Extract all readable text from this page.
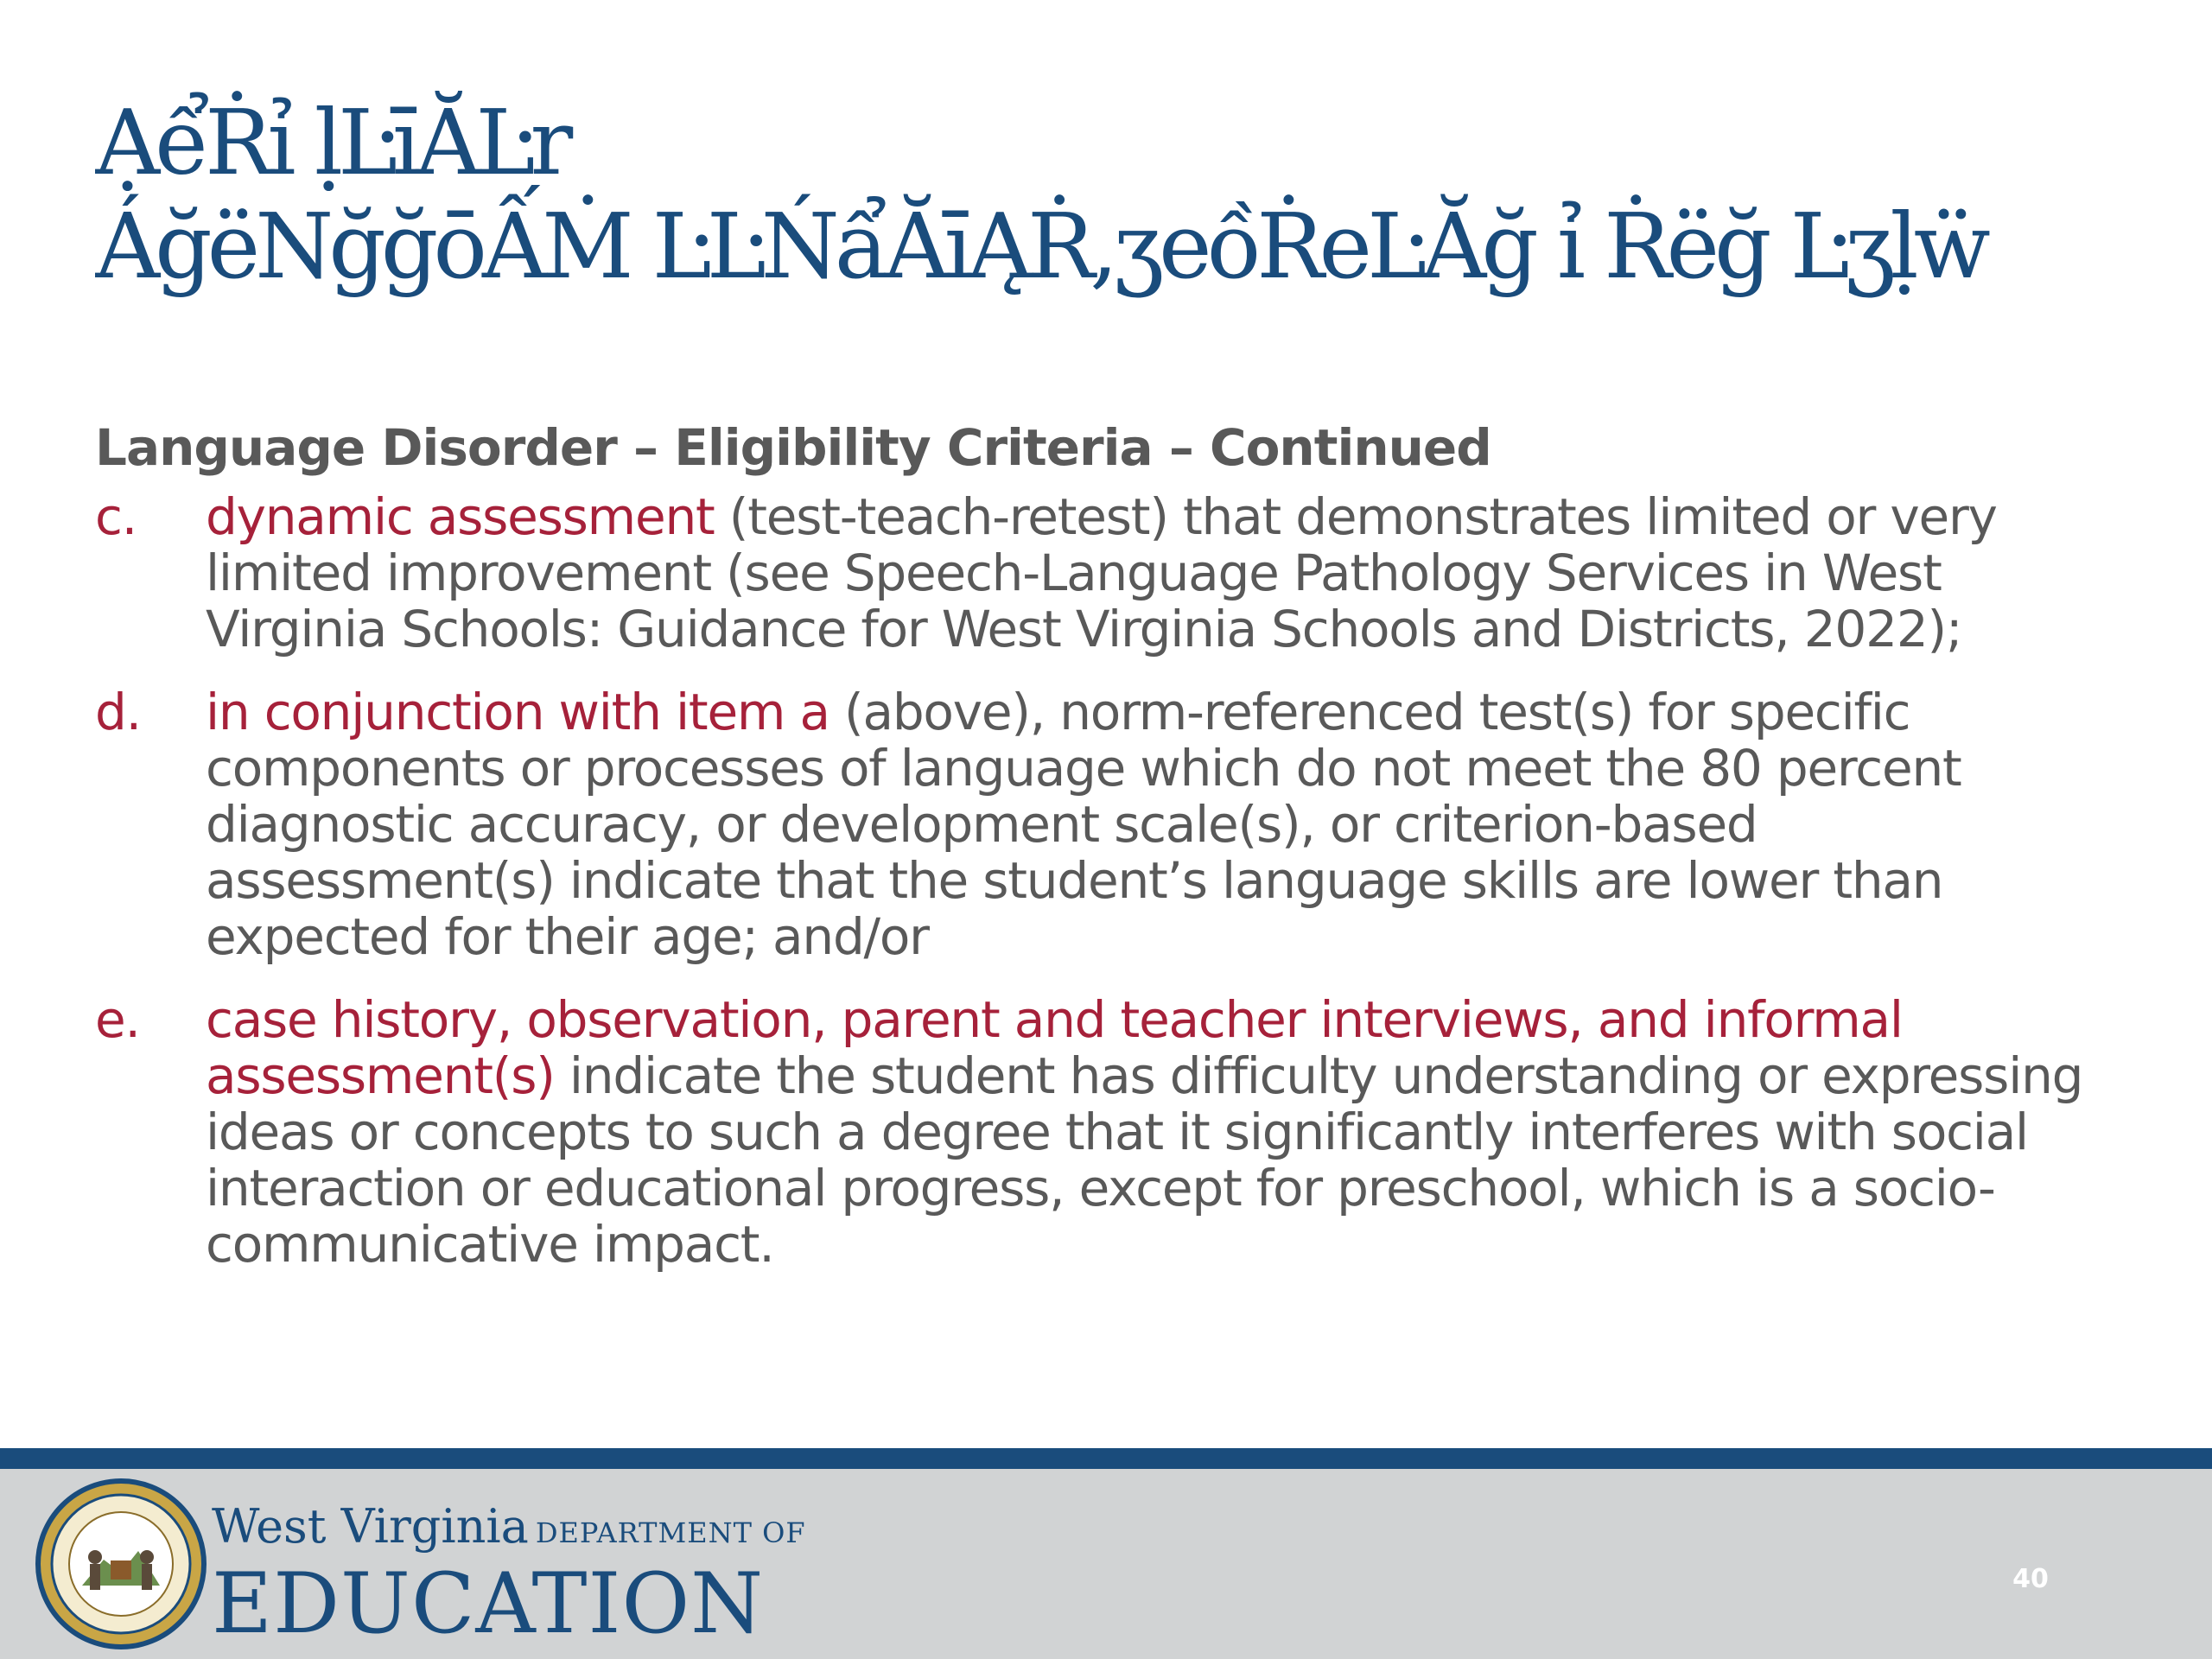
ẠểṘỉ ḷĿīĂĿr
ÁğëNğğōẤṀ ĿĿŃẩĂīĄṘ,ʒeồṘeĿĂğ ỉ Ṙëğ Ŀʒḷẅ
Language Disorder – Eligibility Criteria – Continued
c.	dynamic assessment (test-teach-retest) that demonstrates limited or very limited improvement (see Speech-Language Pathology Services in West Virginia Schools: Guidance for West Virginia Schools and Districts, 2022);
d.	in conjunction with item a (above), norm-referenced test(s) for specific components or processes of language which do not meet the 80 percent diagnostic accuracy, or development scale(s), or criterion-based assessment(s) indicate that the student’s language skills are lower than expected for their age; and/or
e.	case history, observation, parent and teacher interviews, and informal assessment(s) indicate the student has difficulty understanding or expressing ideas or concepts to such a degree that it significantly interferes with social interaction or educational progress, except for preschool, which is a socio-communicative impact.
West Virginia DEPARTMENT OF
EDUCATION	40
